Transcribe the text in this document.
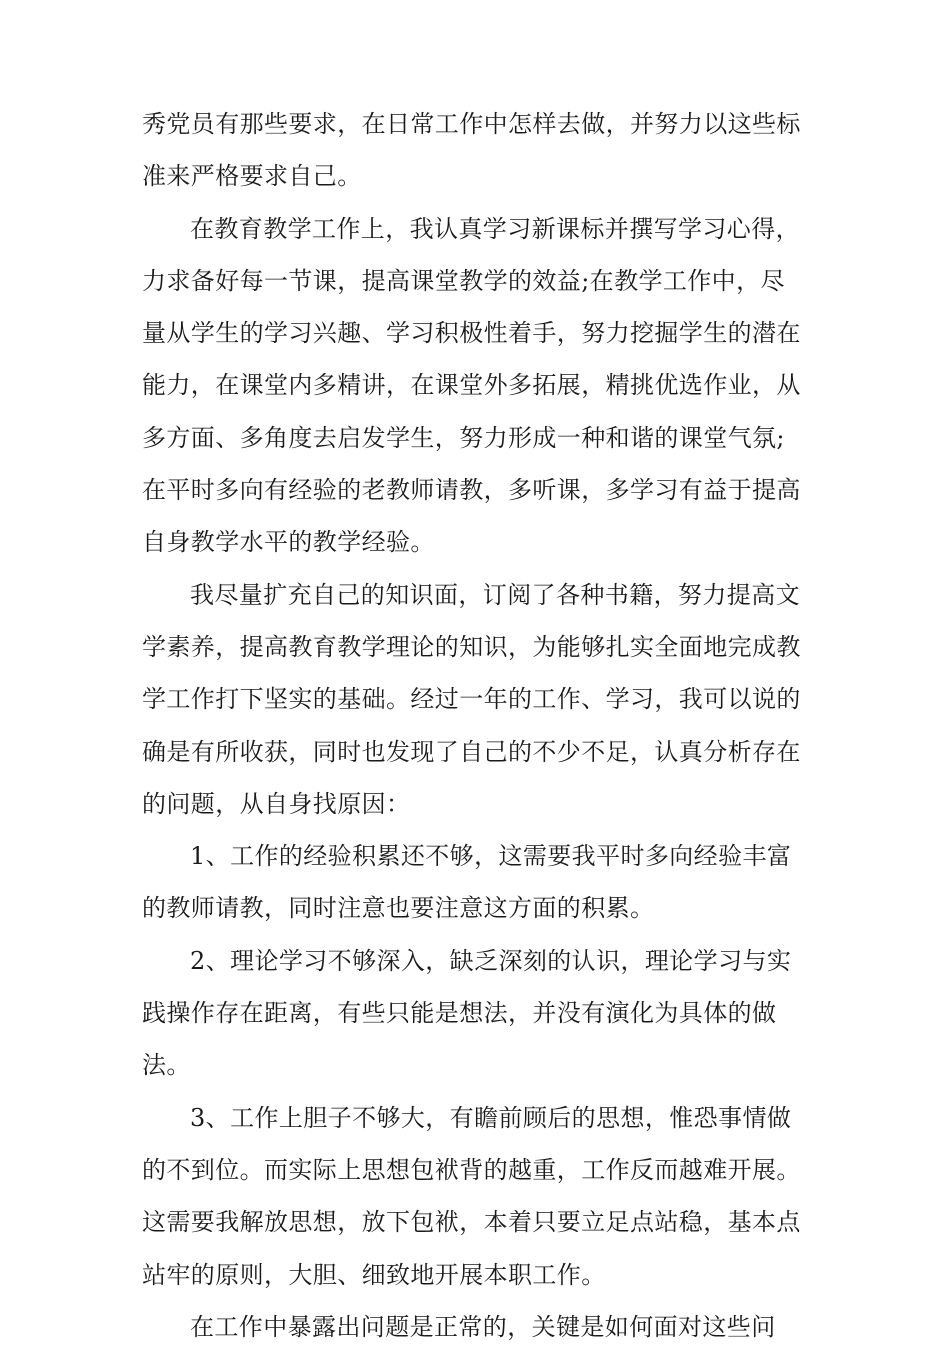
秀党员有那些要求，在日常工作中怎样去做，并努力以这些标
准来严格要求自己。
在教育教学工作上，我认真学习新课标并撰写学习心得，
力求备好每一节课，提高课堂教学的效益;在教学工作中，尽
量从学生的学习兴趣、学习积极性着手，努力挖掘学生的潜在
能力，在课堂内多精讲，在课堂外多拓展，精挑优选作业，从
多方面、多角度去启发学生，努力形成一种和谐的课堂气氛;
在平时多向有经验的老教师请教，多听课，多学习有益于提高
自身教学水平的教学经验。
我尽量扩充自己的知识面，订阅了各种书籍，努力提高文
学素养，提高教育教学理论的知识，为能够扎实全面地完成教
学工作打下坚实的基础。经过一年的工作、学习，我可以说的
确是有所收获，同时也发现了自己的不少不足，认真分析存在
的问题，从自身找原因：
1、工作的经验积累还不够，这需要我平时多向经验丰富
的教师请教，同时注意也要注意这方面的积累。
2、理论学习不够深入，缺乏深刻的认识，理论学习与实
践操作存在距离，有些只能是想法，并没有演化为具体的做
法。
3、工作上胆子不够大，有瞻前顾后的思想，惟恐事情做
的不到位。而实际上思想包袱背的越重，工作反而越难开展。
这需要我解放思想，放下包袱，本着只要立足点站稳，基本点
站牢的原则，大胆、细致地开展本职工作。
在工作中暴露出问题是正常的，关键是如何面对这些问
